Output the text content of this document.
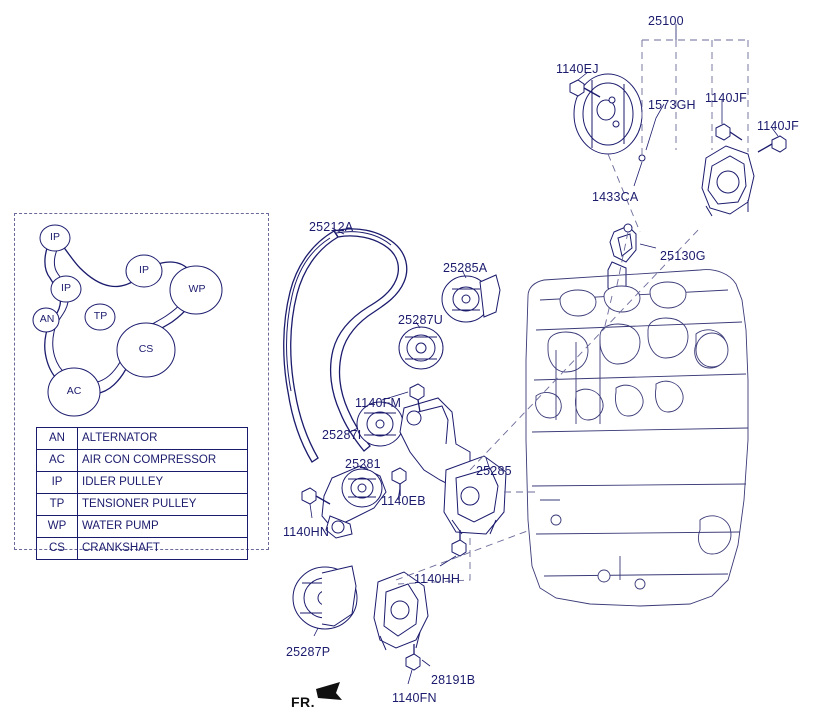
25100
1140EJ
1573GH 1140JF
1140JF
1433CA
25130G
25212A
25285A
25287U
1140FM
25287I
25281
1140EB
1140HN
25285
1140HH
25287P
28191B
1140FN
IP
IP
IP	WP
AN	TP
CS
AC
AN	ALTERNATOR
AC	AIR CON COMPRESSOR
IP	IDLER PULLEY
TP	TENSIONER PULLEY
WP	WATER PUMP
CS	CRANKSHAFT
FR.
